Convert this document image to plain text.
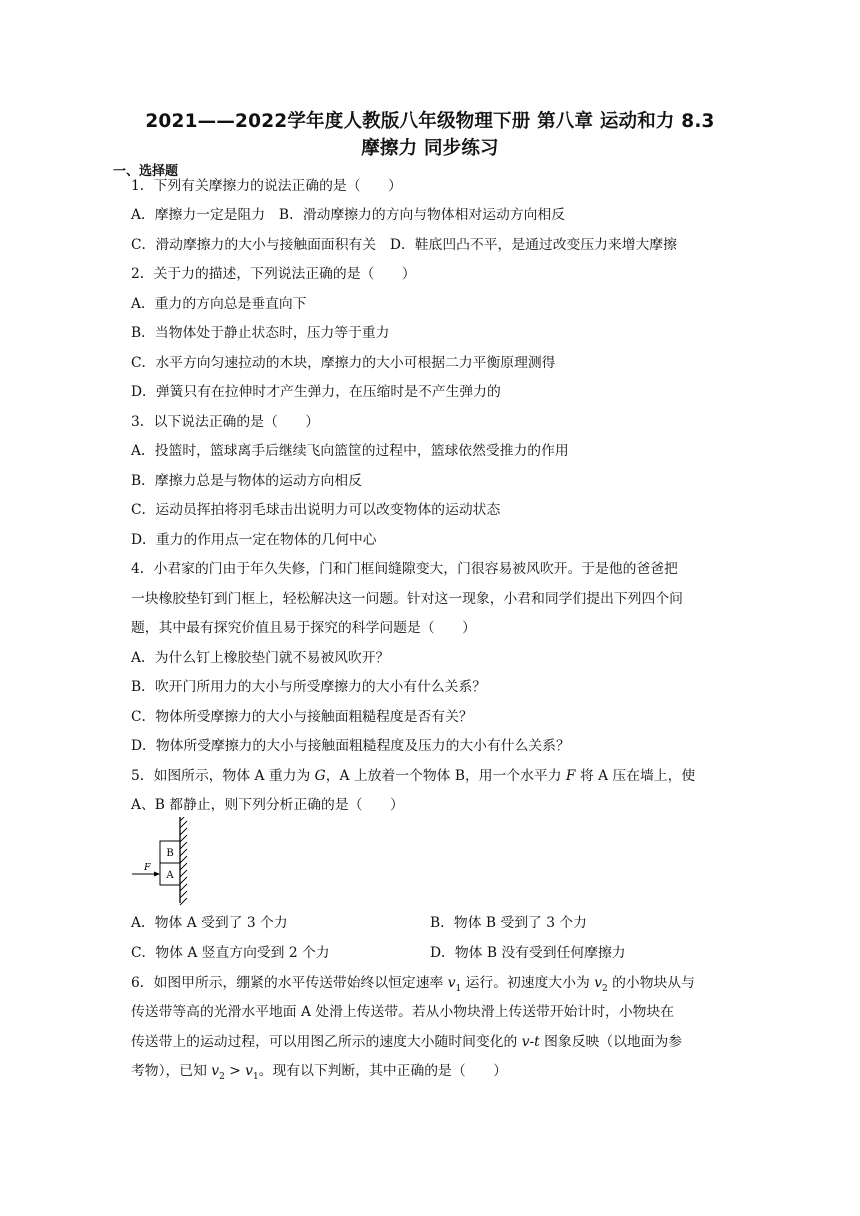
2021——2022学年度人教版八年级物理下册 第八章 运动和力 8.3
摩擦力 同步练习
一、选择题
1．下列有关摩擦力的说法正确的是（　　）
A．摩擦力一定是阻力　B．滑动摩擦力的方向与物体相对运动方向相反
C．滑动摩擦力的大小与接触面面积有关　D．鞋底凹凸不平，是通过改变压力来增大摩擦
2．关于力的描述，下列说法正确的是（　　）
A．重力的方向总是垂直向下
B．当物体处于静止状态时，压力等于重力
C．水平方向匀速拉动的木块，摩擦力的大小可根据二力平衡原理测得
D．弹簧只有在拉伸时才产生弹力，在压缩时是不产生弹力的
3．以下说法正确的是（　　）
A．投篮时，篮球离手后继续飞向篮筐的过程中，篮球依然受推力的作用
B．摩擦力总是与物体的运动方向相反
C．运动员挥拍将羽毛球击出说明力可以改变物体的运动状态
D．重力的作用点一定在物体的几何中心
4．小君家的门由于年久失修，门和门框间缝隙变大，门很容易被风吹开。于是他的爸爸把
一块橡胶垫钉到门框上，轻松解决这一问题。针对这一现象，小君和同学们提出下列四个问
题，其中最有探究价值且易于探究的科学问题是（　　）
A．为什么钉上橡胶垫门就不易被风吹开？
B．吹开门所用力的大小与所受摩擦力的大小有什么关系？
C．物体所受摩擦力的大小与接触面粗糙程度是否有关？
D．物体所受摩擦力的大小与接触面粗糙程度及压力的大小有什么关系？
5．如图所示，物体 A 重力为 G，A 上放着一个物体 B，用一个水平力 F 将 A 压在墙上，使
A、B 都静止，则下列分析正确的是（　　）
B
A
F
A．物体 A 受到了 3 个力	B．物体 B 受到了 3 个力
C．物体 A 竖直方向受到 2 个力	D．物体 B 没有受到任何摩擦力
6．如图甲所示，绷紧的水平传送带始终以恒定速率 $v_1$ 运行。初速度大小为 $v_2$ 的小物块从与
传送带等高的光滑水平地面 A 处滑上传送带。若从小物块滑上传送带开始计时，小物块在
传送带上的运动过程，可以用图乙所示的速度大小随时间变化的 v-t 图象反映（以地面为参
考物），已知 $v_2 > v_1$。现有以下判断，其中正确的是（　　）
